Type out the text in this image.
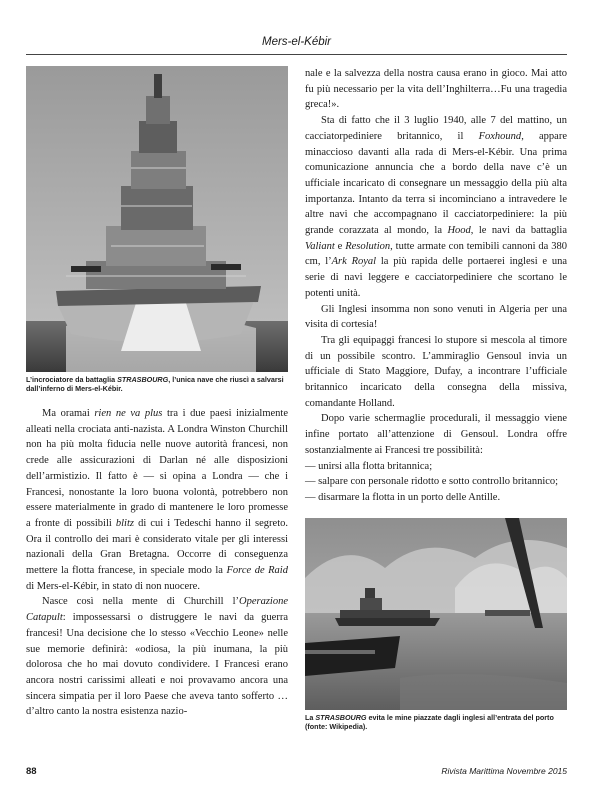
Mers-el-Kébir
L’incrociatore da battaglia STRASBOURG, l’unica nave che riuscì a salvarsi dall’inferno di Mers-el-Kébir.

Ma oramai rien ne va plus tra i due paesi inizialmente alleati nella crociata anti-nazista. A Londra Winston Churchill non ha più molta fiducia nelle nuove autorità francesi, non crede alle assicurazioni di Darlan né alle disposizioni dell’armistizio. Il fatto è — si opina a Londra — che i Francesi, nonostante la loro buona volontà, potrebbero non essere materialmente in grado di mantenere le loro promesse a fronte di possibili blitz di cui i Tedeschi hanno il segreto. Ora il controllo dei mari è considerato vitale per gli interessi nazionali della Gran Bretagna. Occorre di conseguenza mettere la flotta francese, in speciale modo la Force de Raid di Mers-el-Kébir, in stato di non nuocere.

Nasce così nella mente di Churchill l’Operazione Catapult: impossessarsi o distruggere le navi da guerra francesi! Una decisione che lo stesso «Vecchio Leone» nelle sue memorie definirà: «odiosa, la più inumana, la più dolorosa che ho mai dovuto condividere. I Francesi erano ancora nostri carissimi alleati e noi provavamo ancora una sincera simpatia per il loro Paese che aveva tanto sofferto …d’altro canto la nostra esistenza nazio-

nale e la salvezza della nostra causa erano in gioco. Mai atto fu più necessario per la vita dell’Inghilterra…Fu una tragedia greca!».

Sta di fatto che il 3 luglio 1940, alle 7 del mattino, un cacciatorpediniere britannico, il Foxhound, appare minaccioso davanti alla rada di Mers-el-Kébir. Una prima comunicazione annuncia che a bordo della nave c’è un ufficiale incaricato di consegnare un messaggio della più alta importanza. Intanto da terra si incominciano a intravedere le altre navi che accompagnano il cacciatorpediniere: la più grande corazzata al mondo, la Hood, le navi da battaglia Valiant e Resolution, tutte armate con temibili cannoni da 380 cm, l’Ark Royal la più rapida delle portaerei inglesi e una serie di navi leggere e cacciatorpediniere che scortano le potenti unità.

Gli Inglesi insomma non sono venuti in Algeria per una visita di cortesia!

Tra gli equipaggi francesi lo stupore si mescola al timore di un possibile scontro. L’ammiraglio Gensoul invia un ufficiale di Stato Maggiore, Dufay, a incontrare l’ufficiale britannico incaricato della consegna della missiva, comandante Holland.

Dopo varie schermaglie procedurali, il messaggio viene infine portato all’attenzione di Gensoul. Londra offre sostanzialmente ai Francesi tre possibilità:

— unirsi alla flotta britannica;

— salpare con personale ridotto e sotto controllo britannico;

— disarmare la flotta in un porto delle Antille.

La STRASBOURG evita le mine piazzate dagli inglesi all’entrata del porto (fonte: Wikipedia).
88	Rivista Marittima Novembre 2015
